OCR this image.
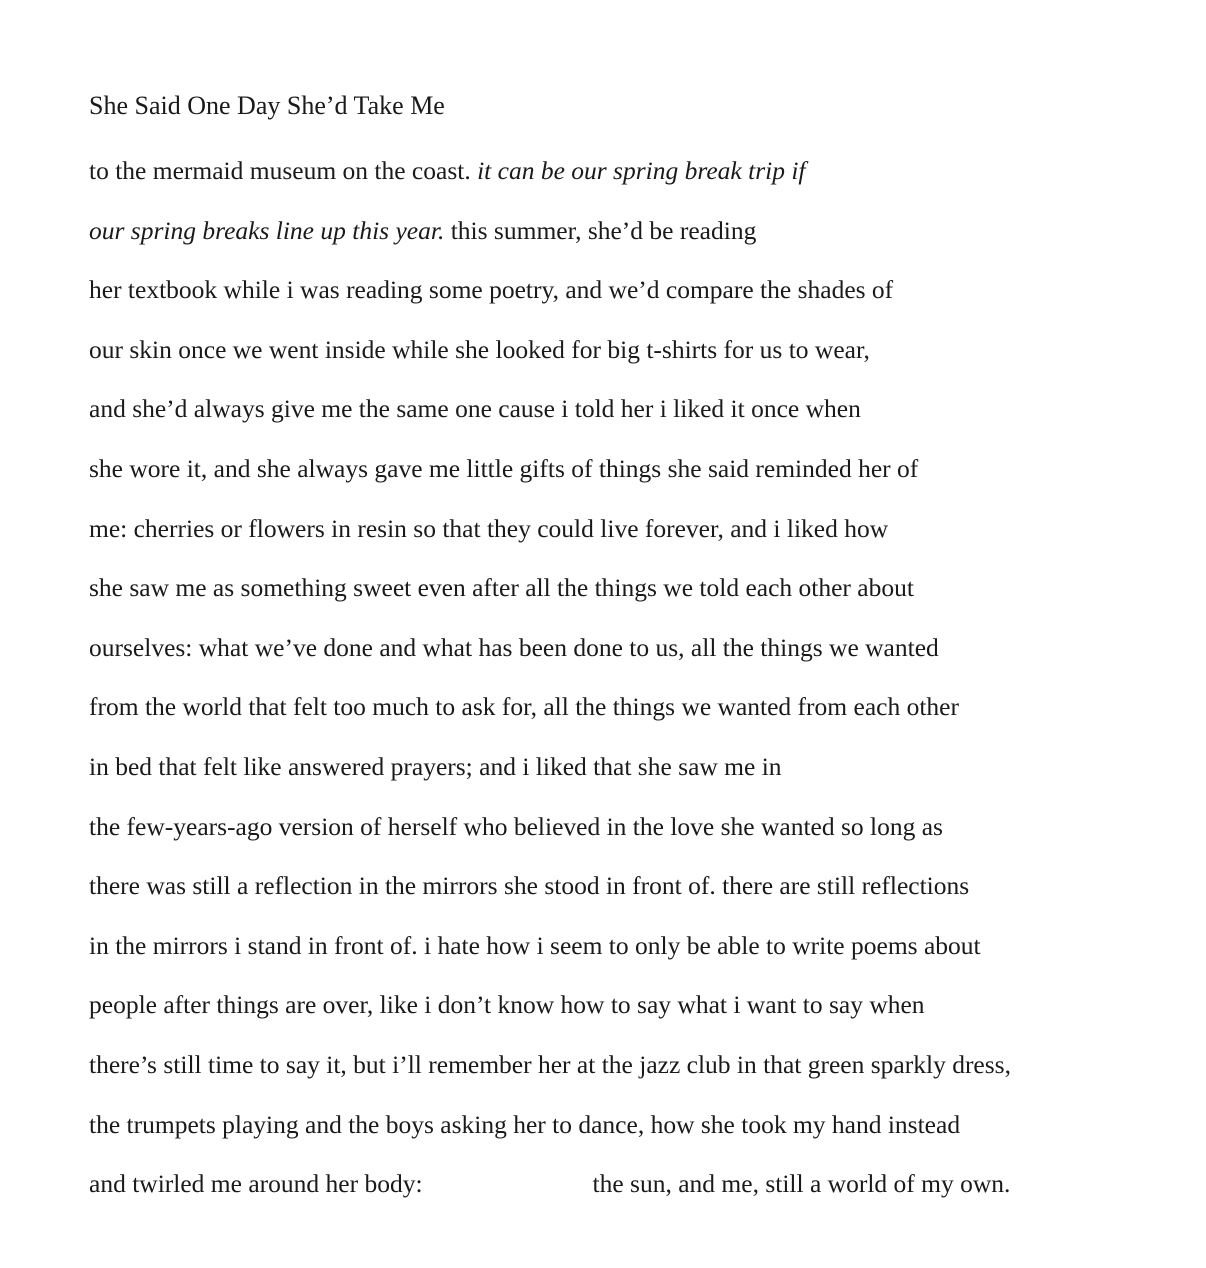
She Said One Day She’d Take Me
to the mermaid museum on the coast. it can be our spring break trip if
our spring breaks line up this year. this summer, she’d be reading
her textbook while i was reading some poetry, and we’d compare the shades of
our skin once we went inside while she looked for big t-shirts for us to wear,
and she’d always give me the same one cause i told her i liked it once when
she wore it, and she always gave me little gifts of things she said reminded her of
me: cherries or flowers in resin so that they could live forever, and i liked how
she saw me as something sweet even after all the things we told each other about
ourselves: what we’ve done and what has been done to us, all the things we wanted
from the world that felt too much to ask for, all the things we wanted from each other
in bed that felt like answered prayers; and i liked that she saw me in
the few-years-ago version of herself who believed in the love she wanted so long as
there was still a reflection in the mirrors she stood in front of. there are still reflections
in the mirrors i stand in front of. i hate how i seem to only be able to write poems about
people after things are over, like i don’t know how to say what i want to say when
there’s still time to say it, but i’ll remember her at the jazz club in that green sparkly dress,
the trumpets playing and the boys asking her to dance, how she took my hand instead
and twirled me around her body:	the sun, and me, still a world of my own.
